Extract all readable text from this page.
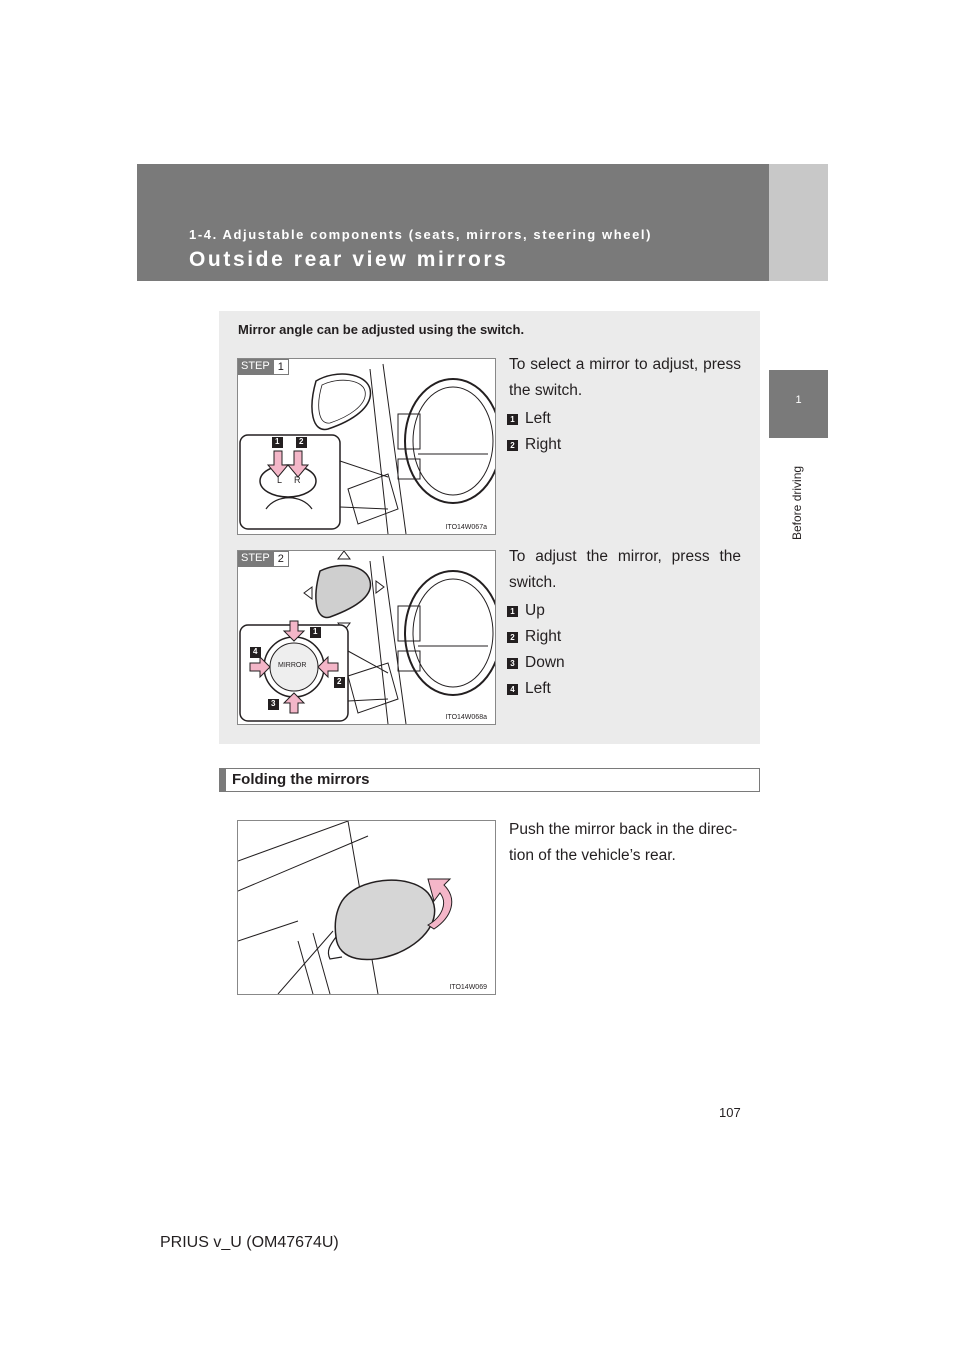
1-4. Adjustable components (seats, mirrors, steering wheel)
Outside rear view mirrors
1
Before driving
Mirror angle can be adjusted using the switch.
STEP 1
1 2
L R
ITO14W067a
To select a mirror to adjust, press the switch.
1 Left
2 Right
STEP 2
1
2
3
4
MIRROR
ITO14W068a
To adjust the mirror, press the switch.
1 Up
2 Right
3 Down
4 Left
Folding the mirrors
ITO14W069
Push the mirror back in the direc-tion of the vehicle’s rear.
107
PRIUS v_U (OM47674U)
